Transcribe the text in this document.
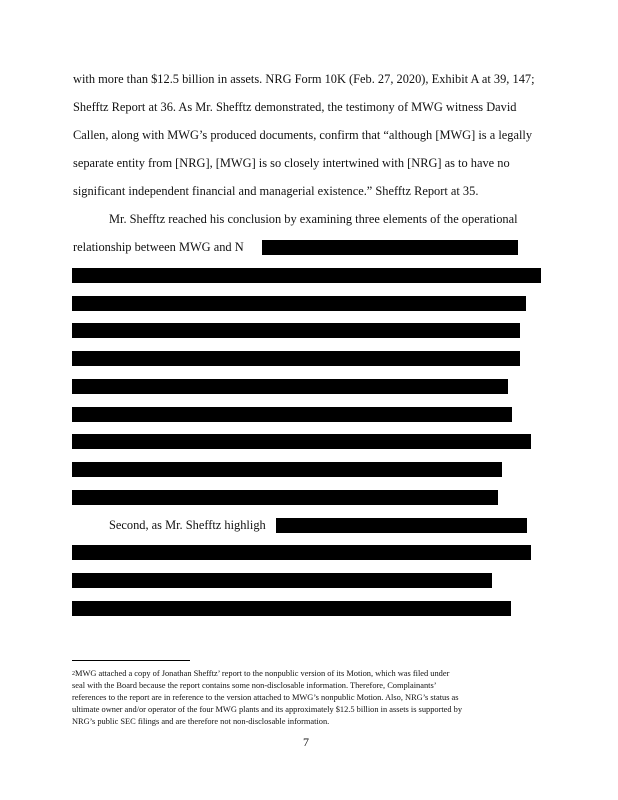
with more than $12.5 billion in assets. NRG Form 10K (Feb. 27, 2020), Exhibit A at 39, 147;
Shefftz Report at 36. As Mr. Shefftz demonstrated, the testimony of MWG witness David
Callen, along with MWG’s produced documents, confirm that “although [MWG] is a legally
separate entity from [NRG], [MWG] is so closely intertwined with [NRG] as to have no
significant independent financial and managerial existence.” Shefftz Report at 35.
Mr. Shefftz reached his conclusion by examining three elements of the operational
relationship between MWG and N
Second, as Mr. Shefftz highligh
$^2$MWG attached a copy of Jonathan Shefftz’ report to the nonpublic version of its Motion, which was filed under
seal with the Board because the report contains some non-disclosable information. Therefore, Complainants’
references to the report are in reference to the version attached to MWG’s nonpublic Motion. Also, NRG’s status as
ultimate owner and/or operator of the four MWG plants and its approximately $12.5 billion in assets is supported by
NRG’s public SEC filings and are therefore not non-disclosable information.
7
